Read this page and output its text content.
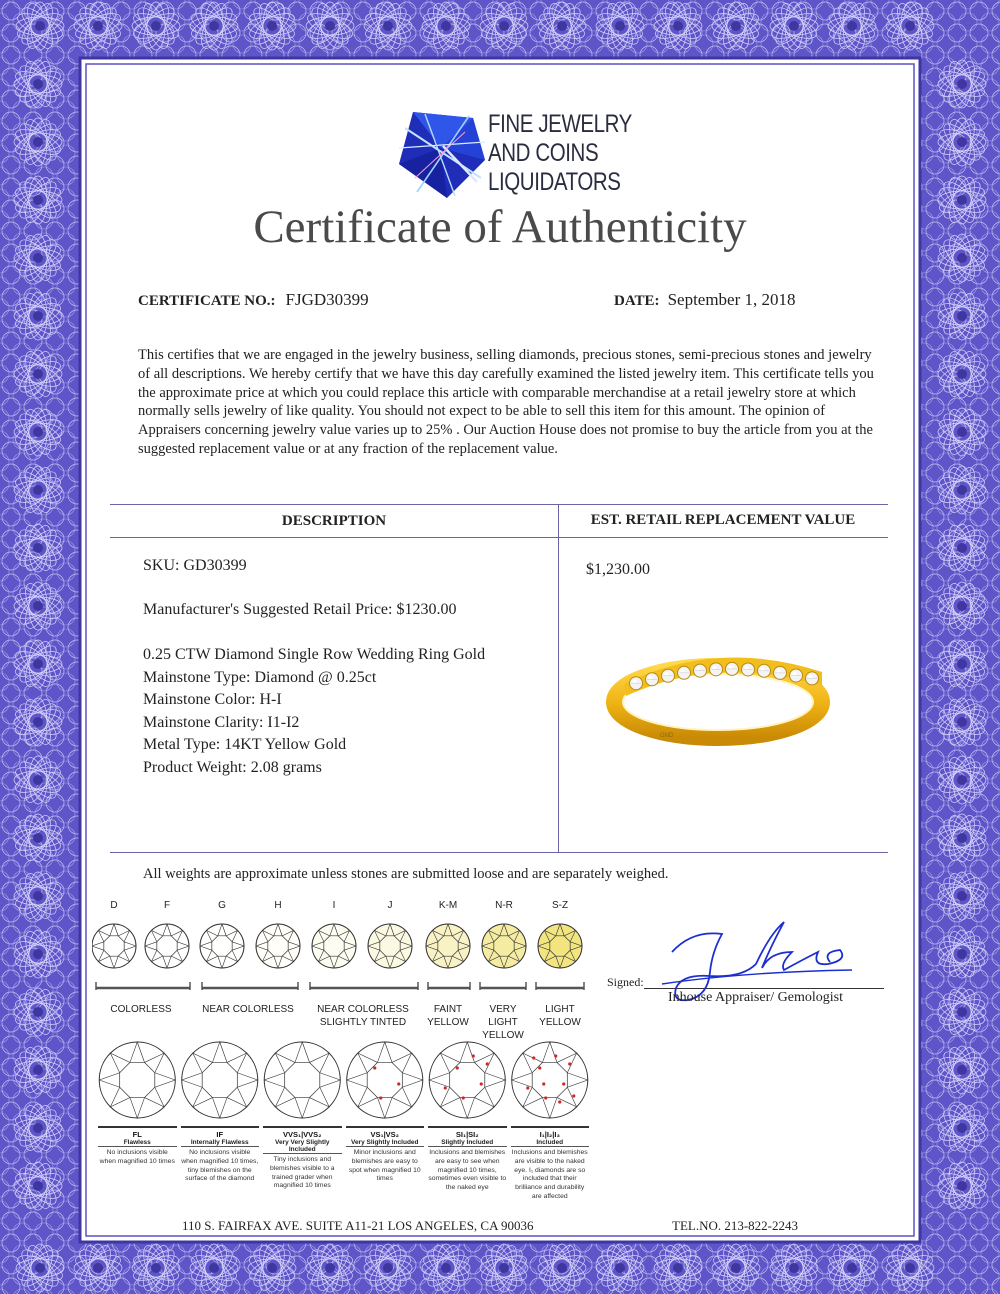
FINE JEWELRY
AND COINS
LIQUIDATORS
Certificate of Authenticity
CERTIFICATE NO.: FJGD30399	DATE: September 1, 2018
This certifies that we are engaged in the jewelry business, selling diamonds, precious stones, semi-precious stones and jewelry of all descriptions. We hereby certify that we have this day carefully examined the listed jewelry item. This certificate tells you the approximate price at which you could replace this article with comparable merchandise at a retail jewelry store at which normally sells jewelry of like quality. You should not expect to be able to sell this item for this amount. The opinion of Appraisers concerning jewelry value varies up to 25% . Our Auction House does not promise to buy the article from you at the suggested replacement value or at any fraction of the replacement value.
DESCRIPTION	EST. RETAIL REPLACEMENT VALUE
SKU: GD30399
Manufacturer's Suggested Retail Price: $1230.00
0.25 CTW Diamond Single Row Wedding Ring Gold
Mainstone Type: Diamond @ 0.25ct
Mainstone Color: H-I
Mainstone Clarity: I1-I2
Metal Type: 14KT Yellow Gold
Product Weight: 2.08 grams
$1,230.00
GND
All weights are approximate unless stones are submitted loose and are separately weighed.
D	F	G	H	I	J	K-M	N-R	S-Z
COLORLESS	NEAR COLORLESS	NEAR COLORLESS SLIGHTLY TINTED
FAINT YELLOW
VERY LIGHT YELLOW
LIGHT YELLOW
FL
Flawless
No inclusions visible when magnified 10 times
IF
Internally Flawless
No inclusions visible when magnified 10 times, tiny blemishes on the surface of the diamond
VVS₁|VVS₂
Very Very Slightly Included
Tiny inclusions and blemishes visible to a trained grader when magnified 10 times
VS₁|VS₂
Very Slightly Included
Minor inclusions and blemishes are easy to spot when magnified 10 times
SI₁|SI₂
Slightly Included
Inclusions and blemishes are easy to see when magnified 10 times, sometimes even visible to the naked eye
I₁|I₂|I₃
Included
Inclusions and blemishes are visible to the naked eye. I₁ diamonds are so included that their brilliance and durability are affected
Signed:
Inhouse Appraiser/ Gemologist
110 S. FAIRFAX AVE. SUITE A11-21 LOS ANGELES, CA 90036	TEL.NO. 213-822-2243
